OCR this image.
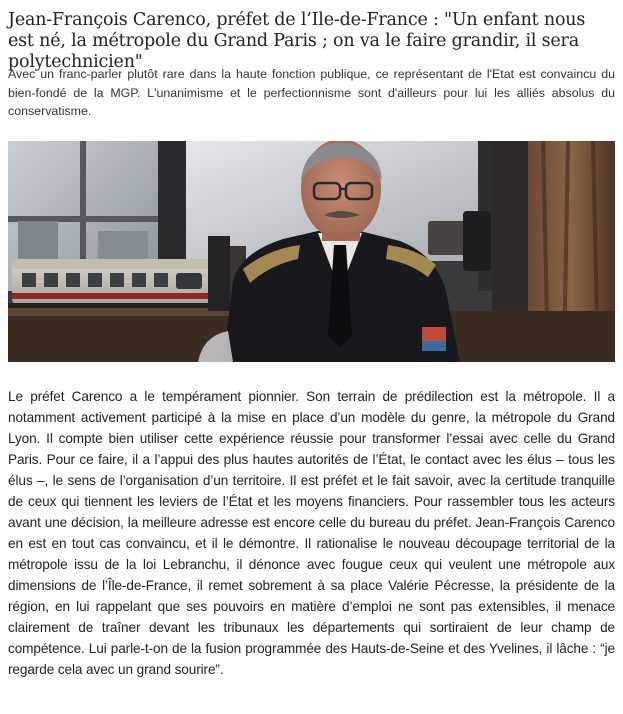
Jean-François Carenco, préfet de l’Ile-de-France : "Un enfant nous est né, la métropole du Grand Paris ; on va le faire grandir, il sera polytechnicien"

Avec un franc-parler plutôt rare dans la haute fonction publique, ce représentant de l'Etat est convaincu du bien-fondé de la MGP. L'unanimisme et le perfectionnisme sont d'ailleurs pour lui les alliés absolus du conservatisme.

Le préfet Carenco a le tempérament pionnier. Son terrain de prédilection est la métropole. Il a notamment activement participé à la mise en place d’un modèle du genre, la métropole du Grand Lyon. Il compte bien utiliser cette expérience réussie pour transformer l’essai avec celle du Grand Paris. Pour ce faire, il a l’appui des plus hautes autorités de l’État, le contact avec les élus – tous les élus –, le sens de l’organisation d’un territoire. Il est préfet et le fait savoir, avec la certitude tranquille de ceux qui tiennent les leviers de l’État et les moyens financiers. Pour rassembler tous les acteurs avant une décision, la meilleure adresse est encore celle du bureau du préfet. Jean-François Carenco en est en tout cas convaincu, et il le démontre. Il rationalise le nouveau découpage territorial de la métropole issu de la loi Lebranchu, il dénonce avec fougue ceux qui veulent une métropole aux dimensions de l’Île-de-France, il remet sobrement à sa place Valérie Pécresse, la présidente de la région, en lui rappelant que ses pouvoirs en matière d’emploi ne sont pas extensibles, il menace clairement de traîner devant les tribunaux les départements qui sortiraient de leur champ de compétence. Lui parle-t-on de la fusion programmée des Hauts-de-Seine et des Yvelines, il lâche : “je regarde cela avec un grand sourire”.
